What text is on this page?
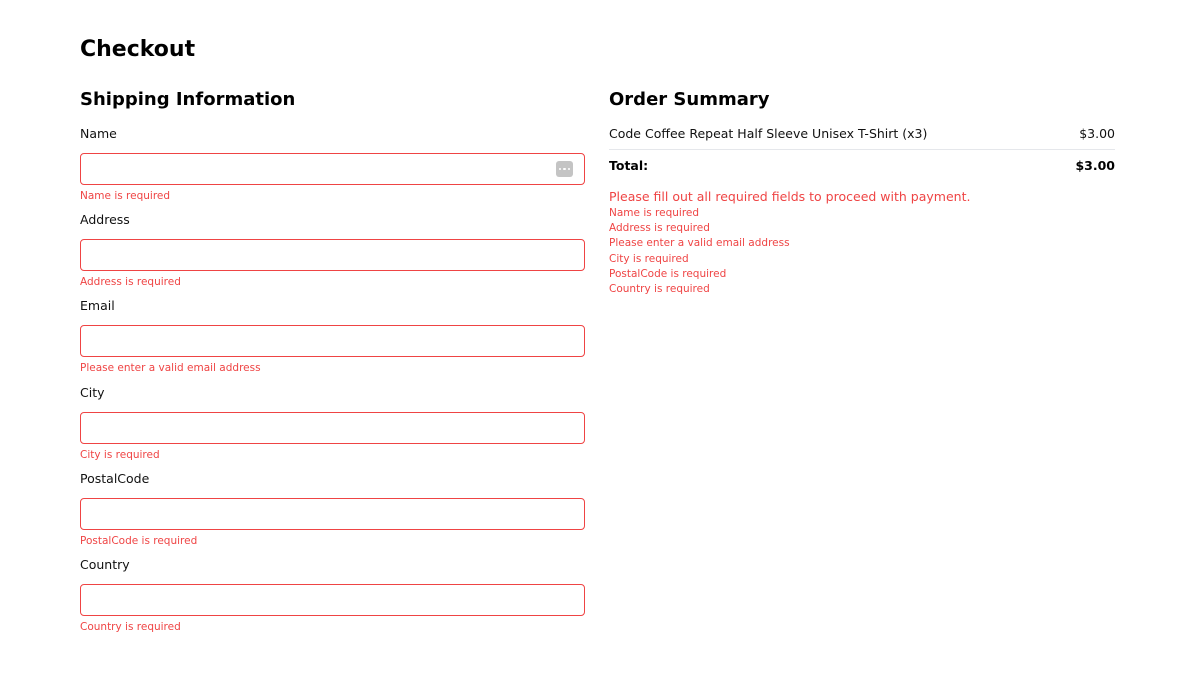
Checkout
Shipping Information
Name
Name is required
Address
Address is required
Email
Please enter a valid email address
City
City is required
PostalCode
PostalCode is required
Country
Country is required
Order Summary
Code Coffee Repeat Half Sleeve Unisex T-Shirt (x3)	$3.00
Total:	$3.00
Please fill out all required fields to proceed with payment.
Name is required
Address is required
Please enter a valid email address
City is required
PostalCode is required
Country is required
